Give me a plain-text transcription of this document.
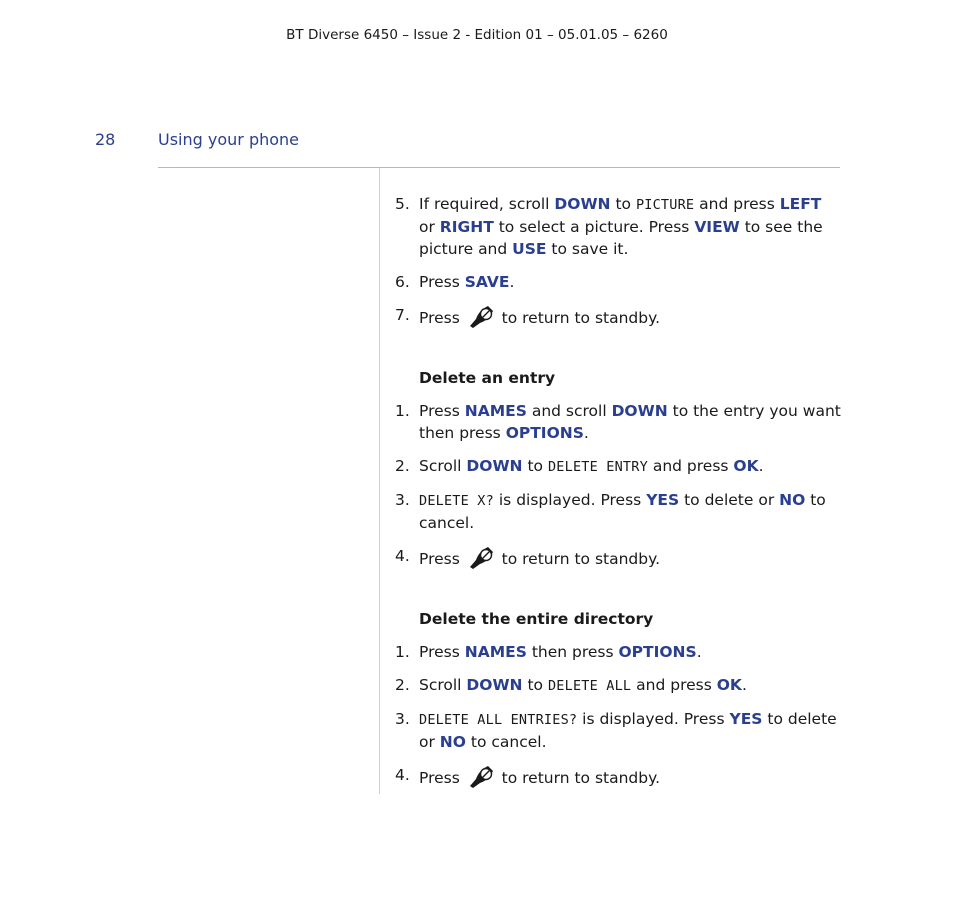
BT Diverse 6450 – Issue 2 - Edition 01 – 05.01.05 – 6260
28	Using your phone
5. If required, scroll DOWN to PICTURE and press LEFT or RIGHT to select a picture. Press VIEW to see the picture and USE to save it.
6. Press SAVE.
7. Press  to return to standby.
Delete an entry
1. Press NAMES and scroll DOWN to the entry you want then press OPTIONS.
2. Scroll DOWN to DELETE ENTRY and press OK.
3. DELETE X? is displayed. Press YES to delete or NO to cancel.
4. Press  to return to standby.
Delete the entire directory
1. Press NAMES then press OPTIONS.
2. Scroll DOWN to DELETE ALL and press OK.
3. DELETE ALL ENTRIES? is displayed. Press YES to delete or NO to cancel.
4. Press  to return to standby.
